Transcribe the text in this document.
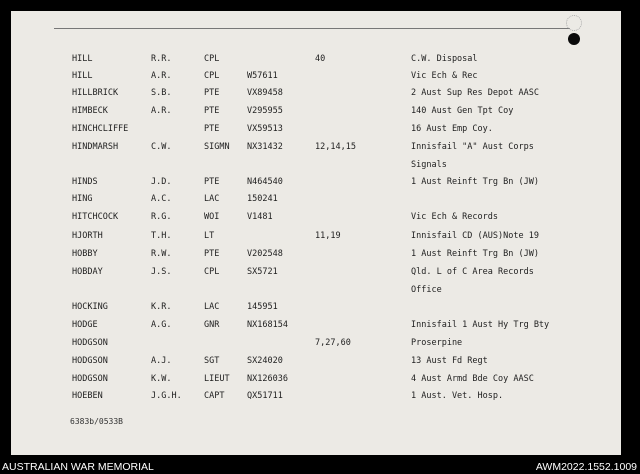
HILL	R.R.	CPL	40	C.W. Disposal
HILL	A.R.	CPL	W57611	Vic Ech & Rec
HILLBRICK	S.B.	PTE	VX89458	2 Aust Sup Res Depot AASC
HIMBECK	A.R.	PTE	V295955	140 Aust Gen Tpt Coy
HINCHCLIFFE	PTE	VX59513	16 Aust Emp Coy.
HINDMARSH	C.W.	SIGMN NX31432	12,14,15	Innisfail "A" Aust Corps
Signals
HINDS	J.D.	PTE	N464540	1 Aust Reinft Trg Bn (JW)
HING	A.C.	LAC	150241
HITCHCOCK	R.G.	WOI	V1481	Vic Ech & Records
HJORTH	T.H.	LT	11,19	Innisfail CD (AUS)Note 19
HOBBY	R.W.	PTE	V202548	1 Aust Reinft Trg Bn (JW)
HOBDAY	J.S.	CPL	SX5721	Qld. L of C Area Records
Office
HOCKING	K.R.	LAC	145951
HODGE	A.G.	GNR	NX168154	Innisfail 1 Aust Hy Trg Bty
HODGSON	7,27,60	Proserpine
HODGSON	A.J.	SGT	SX24020	13 Aust Fd Regt
HODGSON	K.W.	LIEUT NX126036	4 Aust Armd Bde Coy AASC
HOEBEN	J.G.H.	CAPT	QX51711	1 Aust. Vet. Hosp.
6383b/0533B
AUSTRALIAN WAR MEMORIAL	AWM2022.1552.1009
